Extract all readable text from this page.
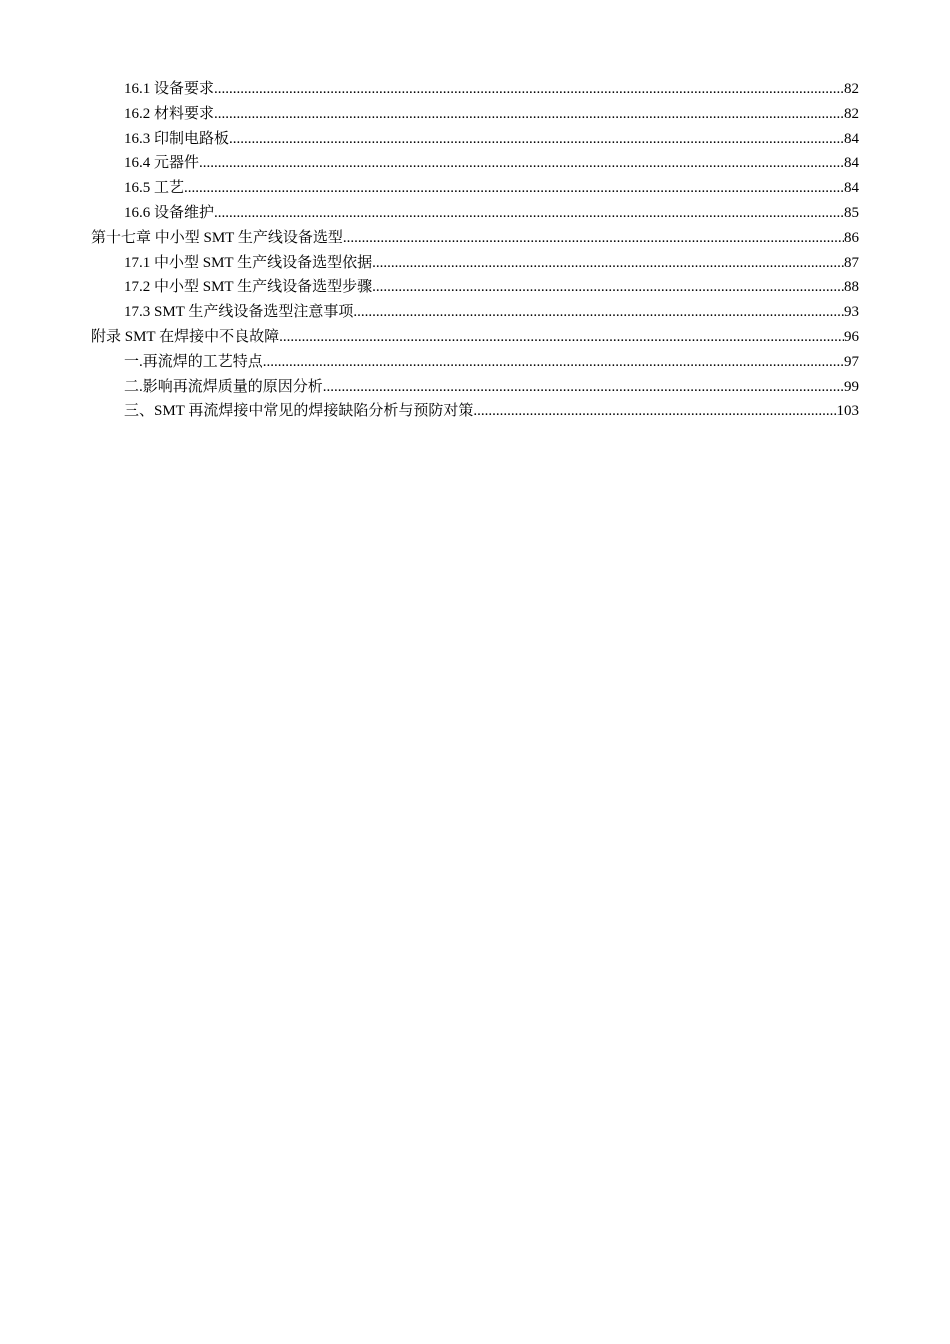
16.1 设备要求 .....	82
16.2 材料要求 .....	82
16.3 印制电路板 .....	84
16.4 元器件 .....	84
16.5 工艺 .....	84
16.6 设备维护 .....	85
第十七章 中小型 SMT 生产线设备选型 .....	86
17.1 中小型 SMT 生产线设备选型依据 .....	87
17.2 中小型 SMT 生产线设备选型步骤 .....	88
17.3 SMT 生产线设备选型注意事项 .....	93
附录 SMT 在焊接中不良故障 .....	96
一.再流焊的工艺特点 .....	97
二.影响再流焊质量的原因分析 .....	99
三、SMT 再流焊接中常见的焊接缺陷分析与预防对策 .....	103
